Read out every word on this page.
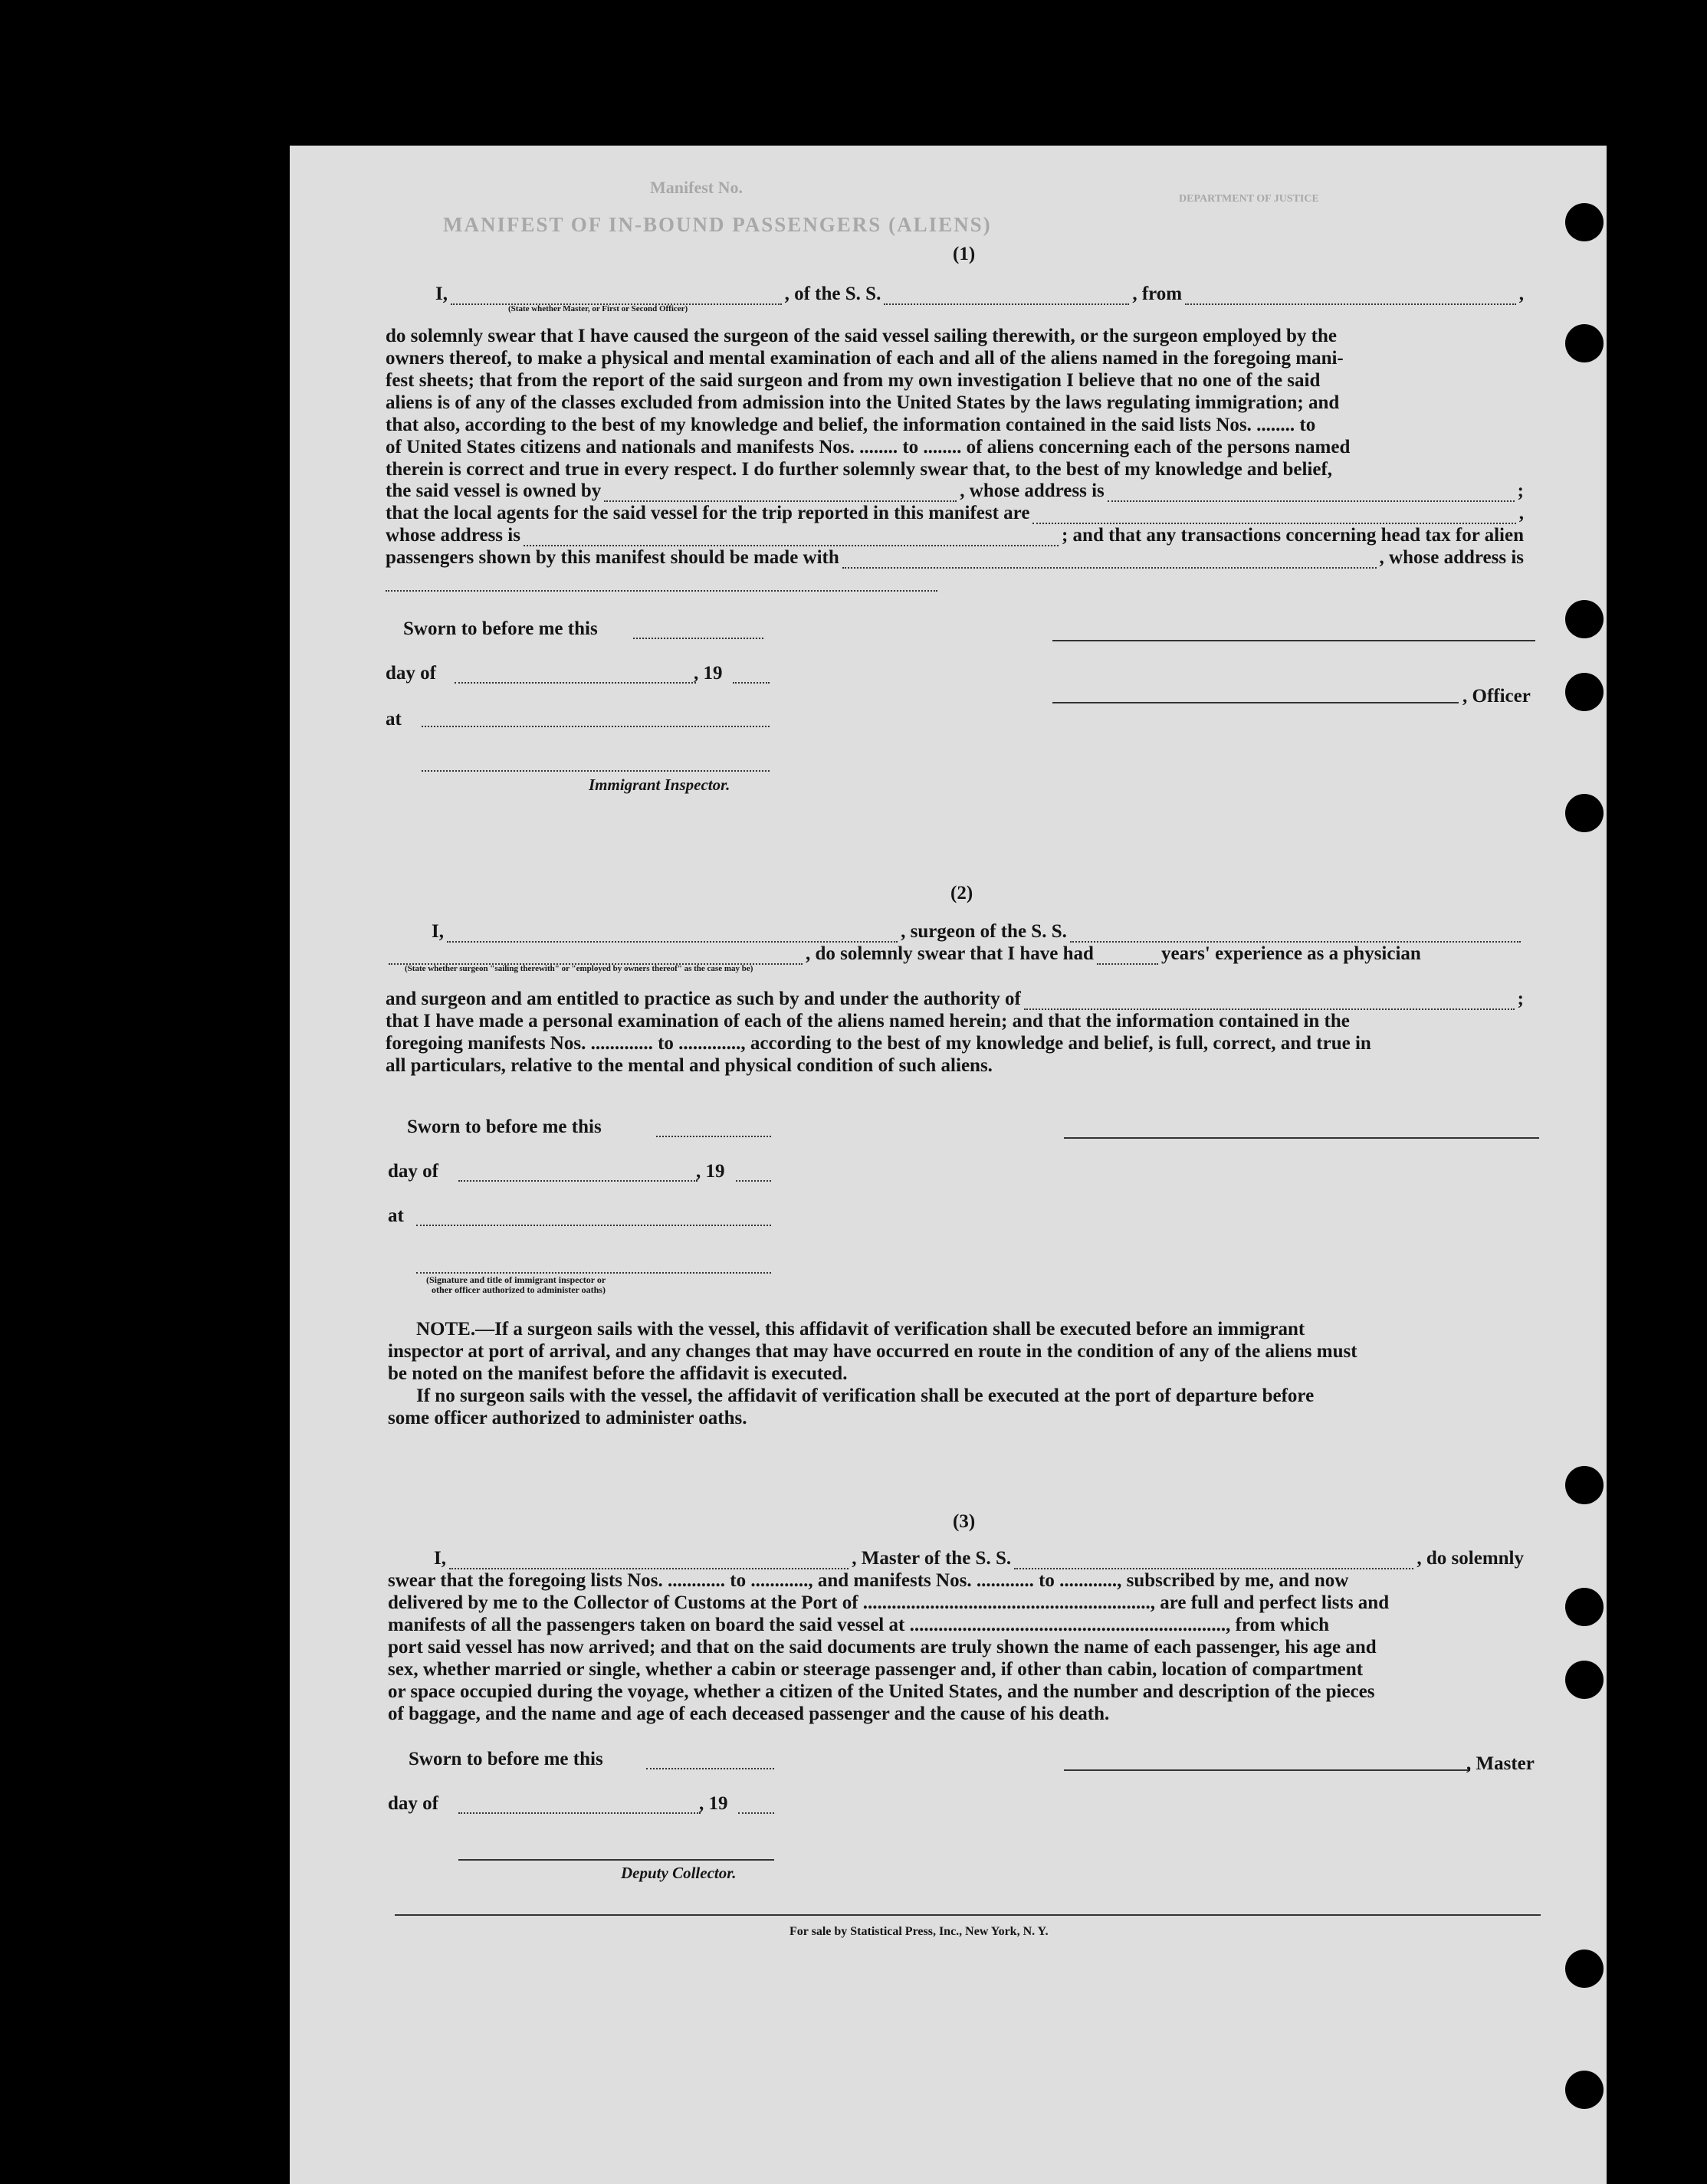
Manifest No.
MANIFEST OF IN-BOUND PASSENGERS (ALIENS)
DEPARTMENT OF JUSTICE
(1)
I,	, of the S. S.	, from	,
(State whether Master, or First or Second Officer)
do solemnly swear that I have caused the surgeon of the said vessel sailing therewith, or the surgeon employed by the
owners thereof, to make a physical and mental examination of each and all of the aliens named in the foregoing mani-
fest sheets; that from the report of the said surgeon and from my own investigation I believe that no one of the said
aliens is of any of the classes excluded from admission into the United States by the laws regulating immigration; and
that also, according to the best of my knowledge and belief, the information contained in the said lists Nos. ........ to
of United States citizens and nationals and manifests Nos. ........ to ........ of aliens concerning each of the persons named
therein is correct and true in every respect. I do further solemnly swear that, to the best of my knowledge and belief,
the said vessel is owned by	, whose address is	;
that the local agents for the said vessel for the trip reported in this manifest are	,
whose address is	; and that any transactions concerning head tax for alien
passengers shown by this manifest should be made with	, whose address is
Sworn to before me this
day of	, 19
, Officer
at
Immigrant Inspector.
(2)
I,	, surgeon of the S. S.
, do solemnly swear that I have had	years' experience as a physician
(State whether surgeon "sailing therewith" or "employed by owners thereof" as the case may be)
and surgeon and am entitled to practice as such by and under the authority of	;
that I have made a personal examination of each of the aliens named herein; and that the information contained in the
foregoing manifests Nos. ............. to ............., according to the best of my knowledge and belief, is full, correct, and true in
all particulars, relative to the mental and physical condition of such aliens.
Sworn to before me this
day of	, 19
at
(Signature and title of immigrant inspector or
other officer authorized to administer oaths)
NOTE.—If a surgeon sails with the vessel, this affidavit of verification shall be executed before an immigrant
inspector at port of arrival, and any changes that may have occurred en route in the condition of any of the aliens must
be noted on the manifest before the affidavit is executed.
If no surgeon sails with the vessel, the affidavit of verification shall be executed at the port of departure before
some officer authorized to administer oaths.
(3)
I,	, Master of the S. S.	, do solemnly
swear that the foregoing lists Nos. ............ to ............, and manifests Nos. ............ to ............, subscribed by me, and now
delivered by me to the Collector of Customs at the Port of ............................................................, are full and perfect lists and
manifests of all the passengers taken on board the said vessel at .................................................................., from which
port said vessel has now arrived; and that on the said documents are truly shown the name of each passenger, his age and
sex, whether married or single, whether a cabin or steerage passenger and, if other than cabin, location of compartment
or space occupied during the voyage, whether a citizen of the United States, and the number and description of the pieces
of baggage, and the name and age of each deceased passenger and the cause of his death.
Sworn to before me this	, Master
day of	, 19
Deputy Collector.
For sale by Statistical Press, Inc., New York, N. Y.
